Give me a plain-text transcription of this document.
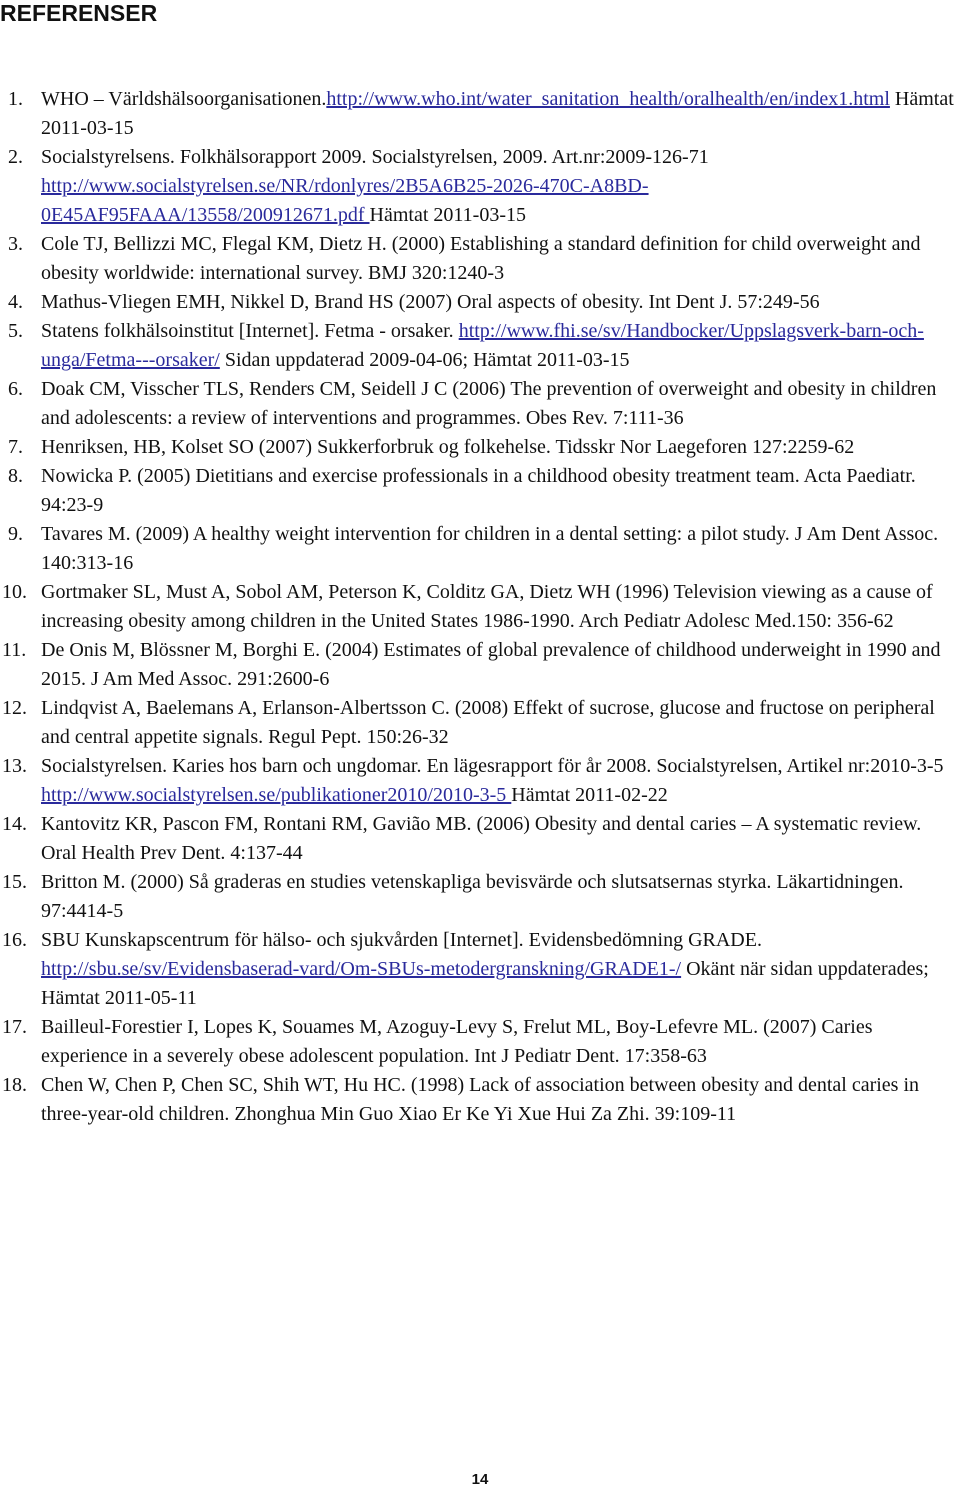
REFERENSER
1. WHO – Världshälsoorganisationen.http://www.who.int/water_sanitation_health/oralhealth/en/index1.html Hämtat 2011-03-15
2. Socialstyrelsens. Folkhälsorapport 2009. Socialstyrelsen, 2009. Art.nr:2009-126-71 http://www.socialstyrelsen.se/NR/rdonlyres/2B5A6B25-2026-470C-A8BD-0E45AF95FAAA/13558/200912671.pdf Hämtat 2011-03-15
3. Cole TJ, Bellizzi MC, Flegal KM, Dietz H. (2000) Establishing a standard definition for child overweight and obesity worldwide: international survey. BMJ 320:1240-3
4. Mathus-Vliegen EMH, Nikkel D, Brand HS (2007) Oral aspects of obesity. Int Dent J. 57:249-56
5. Statens folkhälsoinstitut [Internet]. Fetma - orsaker. http://www.fhi.se/sv/Handbocker/Uppslagsverk-barn-och-unga/Fetma---orsaker/ Sidan uppdaterad 2009-04-06; Hämtat 2011-03-15
6. Doak CM, Visscher TLS, Renders CM, Seidell J C (2006) The prevention of overweight and obesity in children and adolescents: a review of interventions and programmes. Obes Rev. 7:111-36
7. Henriksen, HB, Kolset SO (2007) Sukkerforbruk og folkehelse. Tidsskr Nor Laegeforen 127:2259-62
8. Nowicka P. (2005) Dietitians and exercise professionals in a childhood obesity treatment team. Acta Paediatr. 94:23-9
9. Tavares M. (2009) A healthy weight intervention for children in a dental setting: a pilot study. J Am Dent Assoc. 140:313-16
10. Gortmaker SL, Must A, Sobol AM, Peterson K, Colditz GA, Dietz WH (1996) Television viewing as a cause of increasing obesity among children in the United States 1986-1990. Arch Pediatr Adolesc Med.150: 356-62
11. De Onis M, Blössner M, Borghi E. (2004) Estimates of global prevalence of childhood underweight in 1990 and 2015. J Am Med Assoc. 291:2600-6
12. Lindqvist A, Baelemans A, Erlanson-Albertsson C. (2008) Effekt of sucrose, glucose and fructose on peripheral and central appetite signals. Regul Pept. 150:26-32
13. Socialstyrelsen. Karies hos barn och ungdomar. En lägesrapport för år 2008. Socialstyrelsen, Artikel nr:2010-3-5 http://www.socialstyrelsen.se/publikationer2010/2010-3-5 Hämtat 2011-02-22
14. Kantovitz KR, Pascon FM, Rontani RM, Gavião MB. (2006) Obesity and dental caries – A systematic review. Oral Health Prev Dent. 4:137-44
15. Britton M. (2000) Så graderas en studies vetenskapliga bevisvärde och slutsatsernas styrka. Läkartidningen. 97:4414-5
16. SBU Kunskapscentrum för hälso- och sjukvården [Internet]. Evidensbedömning GRADE. http://sbu.se/sv/Evidensbaserad-vard/Om-SBUs-metodergranskning/GRADE1-/ Okänt när sidan uppdaterades; Hämtat 2011-05-11
17. Bailleul-Forestier I, Lopes K, Souames M, Azoguy-Levy S, Frelut ML, Boy-Lefevre ML. (2007) Caries experience in a severely obese adolescent population. Int J Pediatr Dent. 17:358-63
18. Chen W, Chen P, Chen SC, Shih WT, Hu HC. (1998) Lack of association between obesity and dental caries in three-year-old children. Zhonghua Min Guo Xiao Er Ke Yi Xue Hui Za Zhi. 39:109-11
14
